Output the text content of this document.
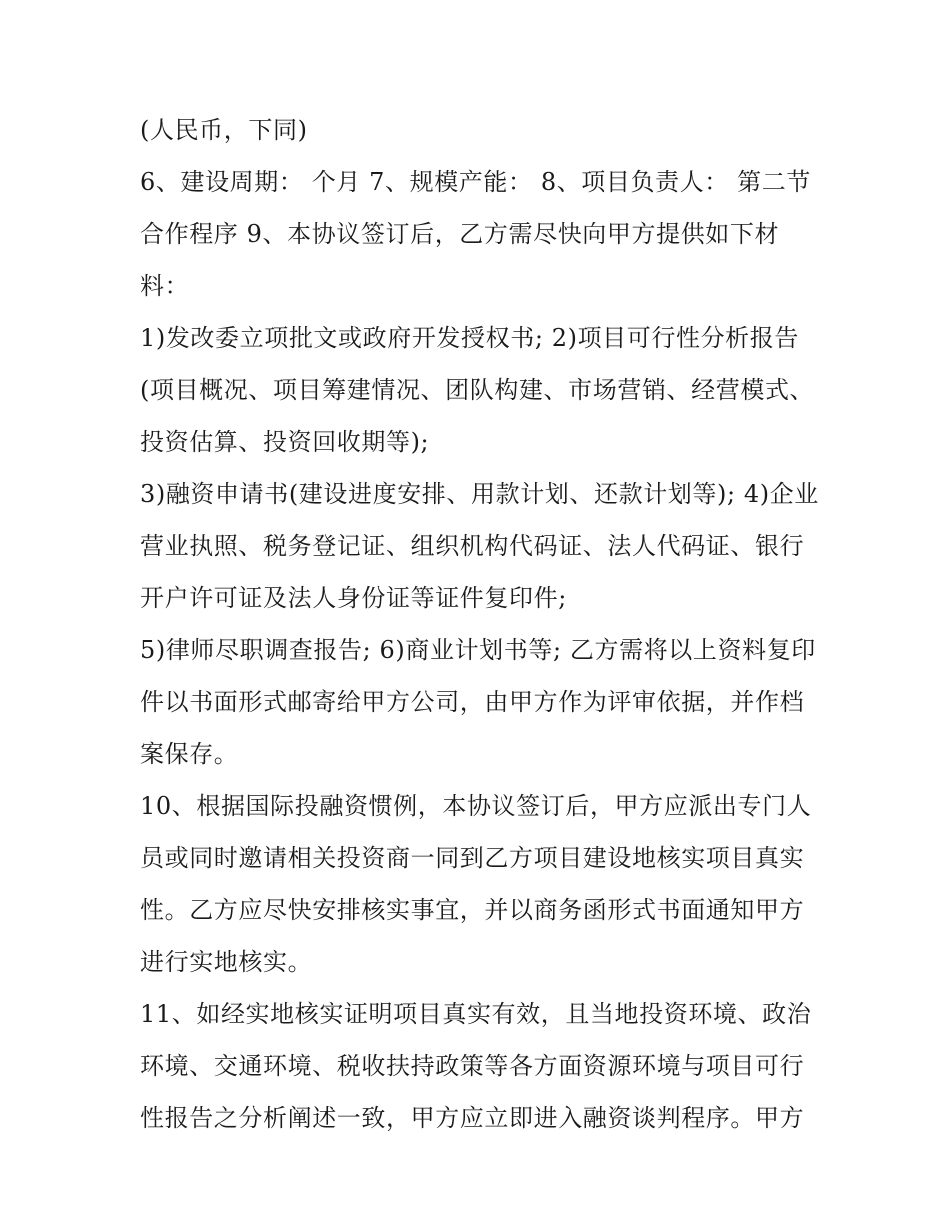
(人民币，下同)

6、建设周期： 个月 7、规模产能： 8、项目负责人： 第二节合作程序 9、本协议签订后，乙方需尽快向甲方提供如下材料：

1)发改委立项批文或政府开发授权书; 2)项目可行性分析报告(项目概况、项目筹建情况、团队构建、市场营销、经营模式、投资估算、投资回收期等);

3)融资申请书(建设进度安排、用款计划、还款计划等); 4)企业营业执照、税务登记证、组织机构代码证、法人代码证、银行开户许可证及法人身份证等证件复印件;

5)律师尽职调查报告; 6)商业计划书等; 乙方需将以上资料复印件以书面形式邮寄给甲方公司，由甲方作为评审依据，并作档案保存。

10、根据国际投融资惯例，本协议签订后，甲方应派出专门人员或同时邀请相关投资商一同到乙方项目建设地核实项目真实性。乙方应尽快安排核实事宜，并以商务函形式书面通知甲方进行实地核实。

11、如经实地核实证明项目真实有效，且当地投资环境、政治环境、交通环境、税收扶持政策等各方面资源环境与项目可行性报告之分析阐述一致，甲方应立即进入融资谈判程序。甲方
